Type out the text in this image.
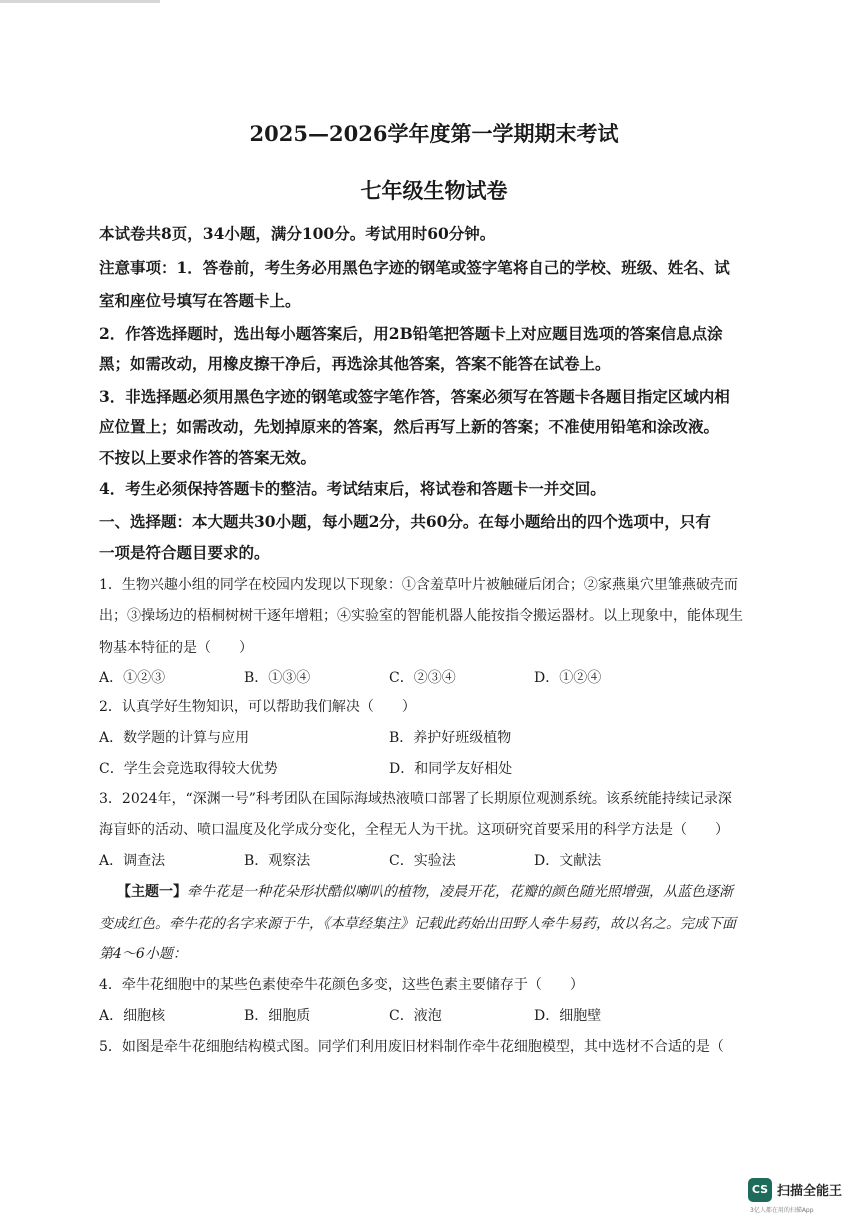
2025—2026学年度第一学期期末考试
七年级生物试卷
本试卷共8页，34小题，满分100分。考试用时60分钟。
注意事项：1．答卷前，考生务必用黑色字迹的钢笔或签字笔将自己的学校、班级、姓名、试
室和座位号填写在答题卡上。
2．作答选择题时，选出每小题答案后，用2B铅笔把答题卡上对应题目选项的答案信息点涂
黑；如需改动，用橡皮擦干净后，再选涂其他答案，答案不能答在试卷上。
3．非选择题必须用黑色字迹的钢笔或签字笔作答，答案必须写在答题卡各题目指定区域内相
应位置上；如需改动，先划掉原来的答案，然后再写上新的答案；不准使用铅笔和涂改液。
不按以上要求作答的答案无效。
4．考生必须保持答题卡的整洁。考试结束后，将试卷和答题卡一并交回。
一、选择题：本大题共30小题，每小题2分，共60分。在每小题给出的四个选项中，只有
一项是符合题目要求的。
1．生物兴趣小组的同学在校园内发现以下现象：①含羞草叶片被触碰后闭合；②家燕巢穴里雏燕破壳而
出；③操场边的梧桐树树干逐年增粗；④实验室的智能机器人能按指令搬运器材。以上现象中，能体现生
物基本特征的是（　　）
A．①②③	B．①③④	C．②③④	D．①②④
2．认真学好生物知识，可以帮助我们解决（　　）
A．数学题的计算与应用	B．养护好班级植物
C．学生会竞选取得较大优势	D．和同学友好相处
3．2024年，“深渊一号”科考团队在国际海域热液喷口部署了长期原位观测系统。该系统能持续记录深
海盲虾的活动、喷口温度及化学成分变化，全程无人为干扰。这项研究首要采用的科学方法是（　　）
A．调查法	B．观察法	C．实验法	D．文献法
【主题一】牵牛花是一种花朵形状酷似喇叭的植物，凌晨开花，花瓣的颜色随光照增强，从蓝色逐渐
变成红色。牵牛花的名字来源于牛，《本草经集注》记载此药始出田野人牵牛易药，故以名之。完成下面
第4～6小题：
4．牵牛花细胞中的某些色素使牵牛花颜色多变，这些色素主要储存于（　　）
A．细胞核	B．细胞质	C．液泡	D．细胞壁
5．如图是牵牛花细胞结构模式图。同学们利用废旧材料制作牵牛花细胞模型，其中选材不合适的是（
CS 扫描全能王
3亿人都在用的扫描App
